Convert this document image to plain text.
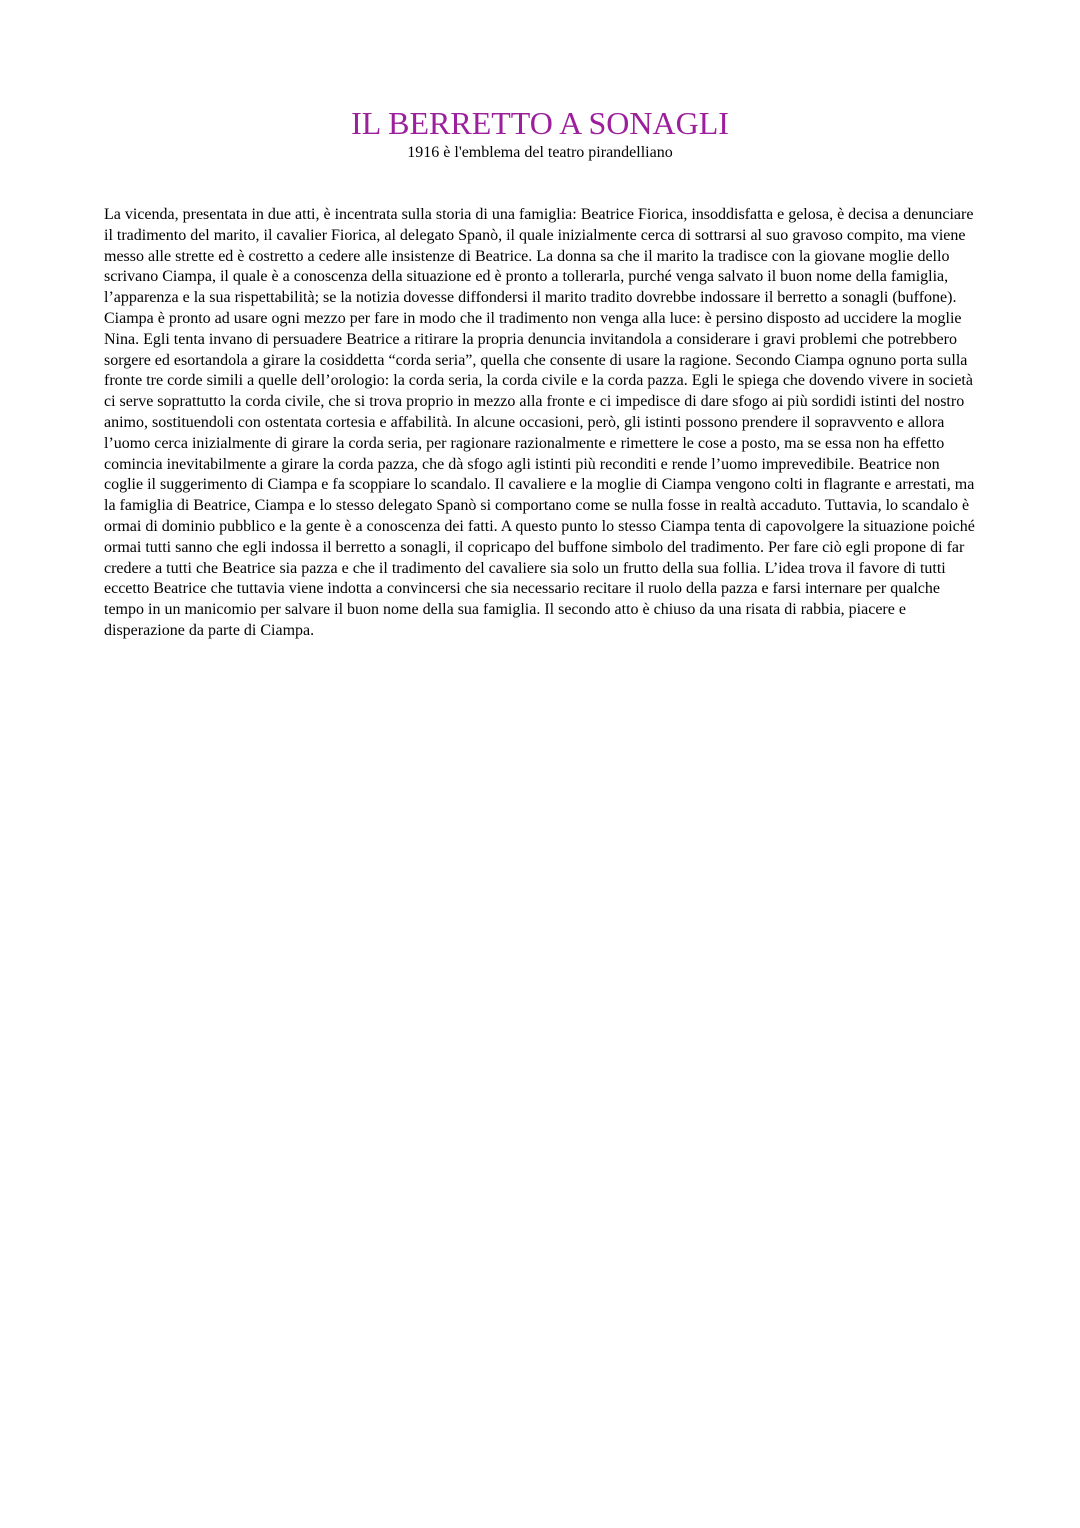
IL BERRETTO A SONAGLI
1916 è l'emblema del teatro pirandelliano

La vicenda, presentata in due atti, è incentrata sulla storia di una famiglia: Beatrice Fiorica, insoddisfatta e gelosa, è decisa a denunciare il tradimento del marito, il cavalier Fiorica, al delegato Spanò, il quale inizialmente cerca di sottrarsi al suo gravoso compito, ma viene messo alle strette ed è costretto a cedere alle insistenze di Beatrice. La donna sa che il marito la tradisce con la giovane moglie dello scrivano Ciampa, il quale è a conoscenza della situazione ed è pronto a tollerarla, purché venga salvato il buon nome della famiglia, l’apparenza e la sua rispettabilità; se la notizia dovesse diffondersi il marito tradito dovrebbe indossare il berretto a sonagli (buffone). Ciampa è pronto ad usare ogni mezzo per fare in modo che il tradimento non venga alla luce: è persino disposto ad uccidere la moglie Nina. Egli tenta invano di persuadere Beatrice a ritirare la propria denuncia invitandola a considerare i gravi problemi che potrebbero sorgere ed esortandola a girare la cosiddetta “corda seria”, quella che consente di usare la ragione. Secondo Ciampa ognuno porta sulla fronte tre corde simili a quelle dell’orologio: la corda seria, la corda civile e la corda pazza. Egli le spiega che dovendo vivere in società ci serve soprattutto la corda civile, che si trova proprio in mezzo alla fronte e ci impedisce di dare sfogo ai più sordidi istinti del nostro animo, sostituendoli con ostentata cortesia e affabilità. In alcune occasioni, però, gli istinti possono prendere il sopravvento e allora l’uomo cerca inizialmente di girare la corda seria, per ragionare razionalmente e rimettere le cose a posto, ma se essa non ha effetto comincia inevitabilmente a girare la corda pazza, che dà sfogo agli istinti più reconditi e rende l’uomo imprevedibile. Beatrice non coglie il suggerimento di Ciampa e fa scoppiare lo scandalo. Il cavaliere e la moglie di Ciampa vengono colti in flagrante e arrestati, ma la famiglia di Beatrice, Ciampa e lo stesso delegato Spanò si comportano come se nulla fosse in realtà accaduto. Tuttavia, lo scandalo è ormai di dominio pubblico e la gente è a conoscenza dei fatti. A questo punto lo stesso Ciampa tenta di capovolgere la situazione poiché ormai tutti sanno che egli indossa il berretto a sonagli, il copricapo del buffone simbolo del tradimento. Per fare ciò egli propone di far credere a tutti che Beatrice sia pazza e che il tradimento del cavaliere sia solo un frutto della sua follia. L’idea trova il favore di tutti eccetto Beatrice che tuttavia viene indotta a convincersi che sia necessario recitare il ruolo della pazza e farsi internare per qualche tempo in un manicomio per salvare il buon nome della sua famiglia. Il secondo atto è chiuso da una risata di rabbia, piacere e disperazione da parte di Ciampa.
